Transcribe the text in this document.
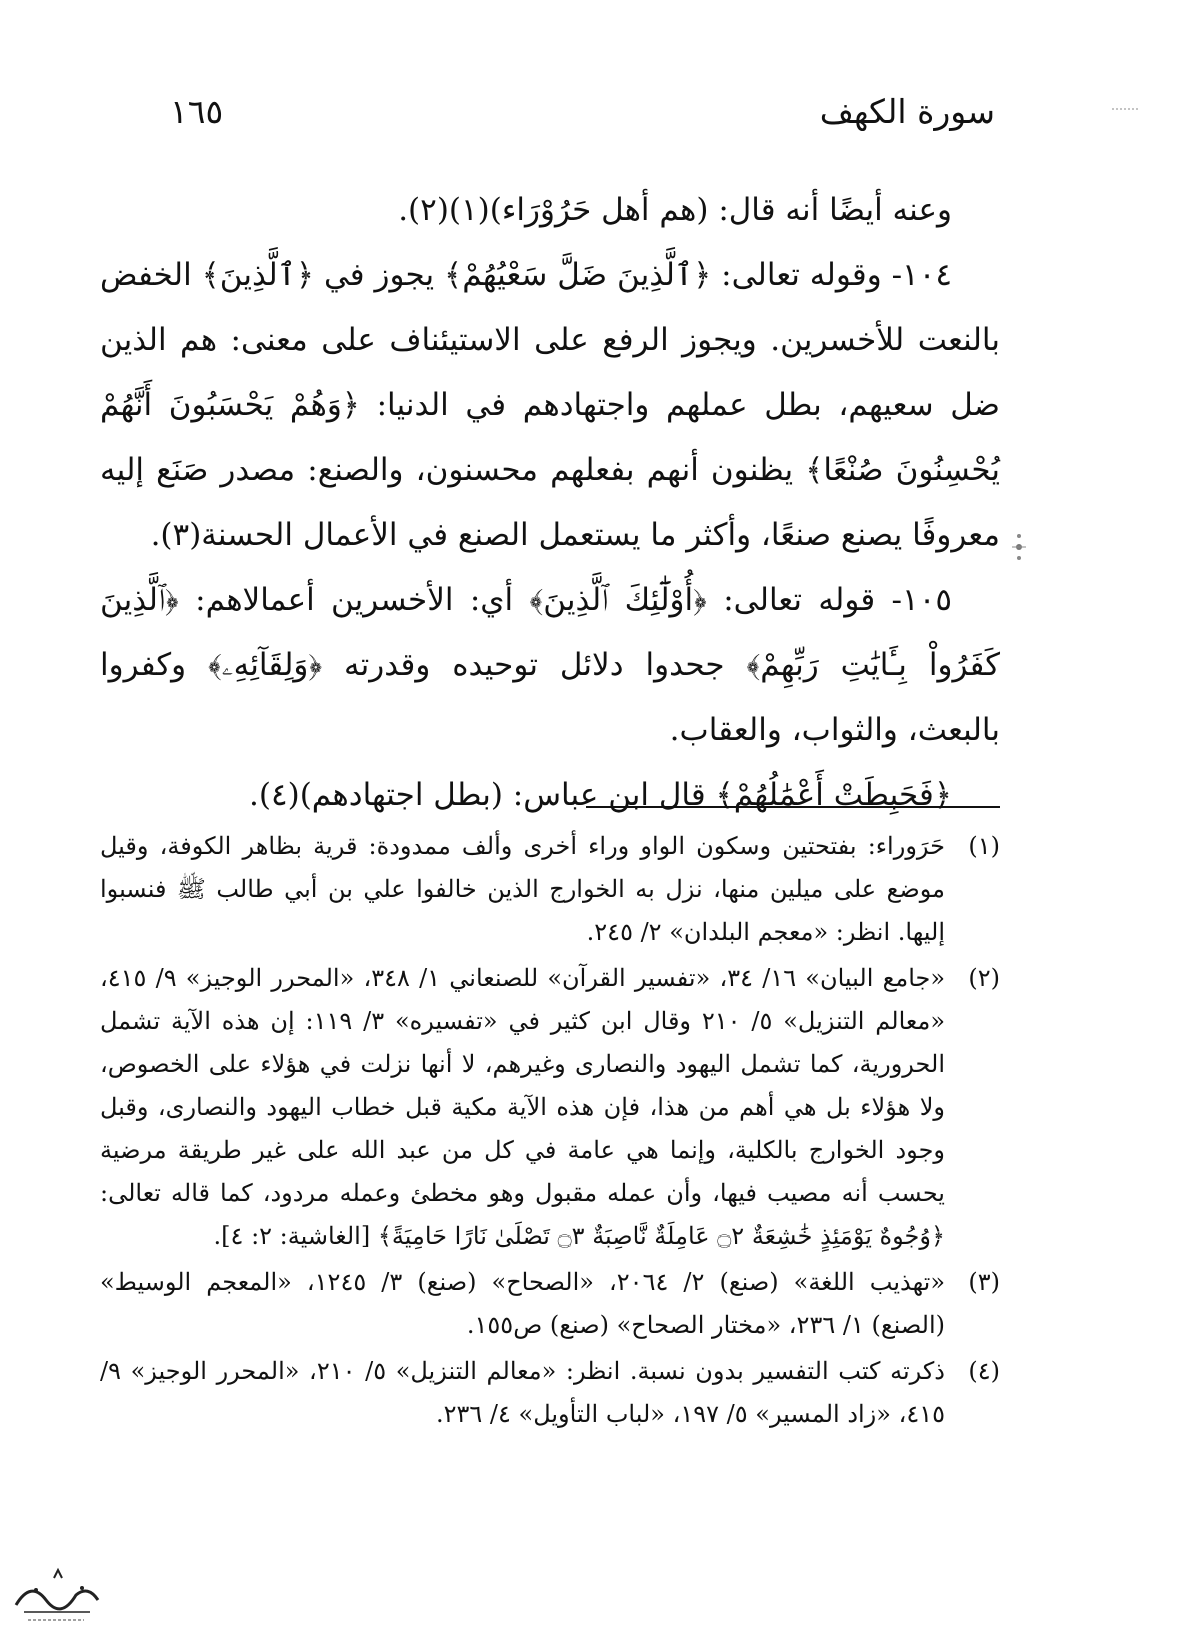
سورة الكهف
١٦٥

وعنه أيضًا أنه قال: (هم أهل حَرُوْرَاء)(١)(٢).

١٠٤- وقوله تعالى: ﴿ٱلَّذِينَ ضَلَّ سَعْيُهُمْ﴾ يجوز في ﴿ٱلَّذِينَ﴾ الخفض بالنعت للأخسرين. ويجوز الرفع على الاستيئناف على معنى: هم الذين ضل سعيهم، بطل عملهم واجتهادهم في الدنيا: ﴿وَهُمْ يَحْسَبُونَ أَنَّهُمْ يُحْسِنُونَ صُنْعًا﴾ يظنون أنهم بفعلهم محسنون، والصنع: مصدر صَنَع إليه معروفًا يصنع صنعًا، وأكثر ما يستعمل الصنع في الأعمال الحسنة(٣).

١٠٥- قوله تعالى: ﴿أُوْلَٰٓئِكَ ٱلَّذِينَ﴾ أي: الأخسرين أعمالاهم: ﴿ٱلَّذِينَ كَفَرُواْ بِـَٔايَٰتِ رَبِّهِمْ﴾ جحدوا دلائل توحيده وقدرته ﴿وَلِقَآئِهِۦ﴾ وكفروا بالبعث، والثواب، والعقاب.

﴿فَحَبِطَتْ أَعْمَٰلُهُمْ﴾ قال ابن عباس: (بطل اجتهادهم)(٤).

(١)
حَرَوراء: بفتحتين وسكون الواو وراء أخرى وألف ممدودة: قرية بظاهر الكوفة، وقيل موضع على ميلين منها، نزل به الخوارج الذين خالفوا علي بن أبي طالب ﷺ فنسبوا إليها. انظر: «معجم البلدان» ٢/ ٢٤٥.
(٢)
«جامع البيان» ١٦/ ٣٤، «تفسير القرآن» للصنعاني ١/ ٣٤٨، «المحرر الوجيز» ٩/ ٤١٥، «معالم التنزيل» ٥/ ٢١٠ وقال ابن كثير في «تفسيره» ٣/ ١١٩: إن هذه الآية تشمل الحرورية، كما تشمل اليهود والنصارى وغيرهم، لا أنها نزلت في هؤلاء على الخصوص، ولا هؤلاء بل هي أهم من هذا، فإن هذه الآية مكية قبل خطاب اليهود والنصارى، وقبل وجود الخوارج بالكلية، وإنما هي عامة في كل من عبد الله على غير طريقة مرضية يحسب أنه مصيب فيها، وأن عمله مقبول وهو مخطئ وعمله مردود، كما قاله تعالى: ﴿وُجُوهٌ يَوْمَئِذٍ خَٰشِعَةٌ ۝٢ عَامِلَةٌ نَّاصِبَةٌ ۝٣ تَصْلَىٰ نَارًا حَامِيَةً﴾ [الغاشية: ٢: ٤].
(٣)
«تهذيب اللغة» (صنع) ٢/ ٢٠٦٤، «الصحاح» (صنع) ٣/ ١٢٤٥، «المعجم الوسيط» (الصنع) ١/ ٢٣٦، «مختار الصحاح» (صنع) ص١٥٥.
(٤)
ذكرته كتب التفسير بدون نسبة. انظر: «معالم التنزيل» ٥/ ٢١٠، «المحرر الوجيز» ٩/ ٤١٥، «زاد المسير» ٥/ ١٩٧، «لباب التأويل» ٤/ ٢٣٦.
